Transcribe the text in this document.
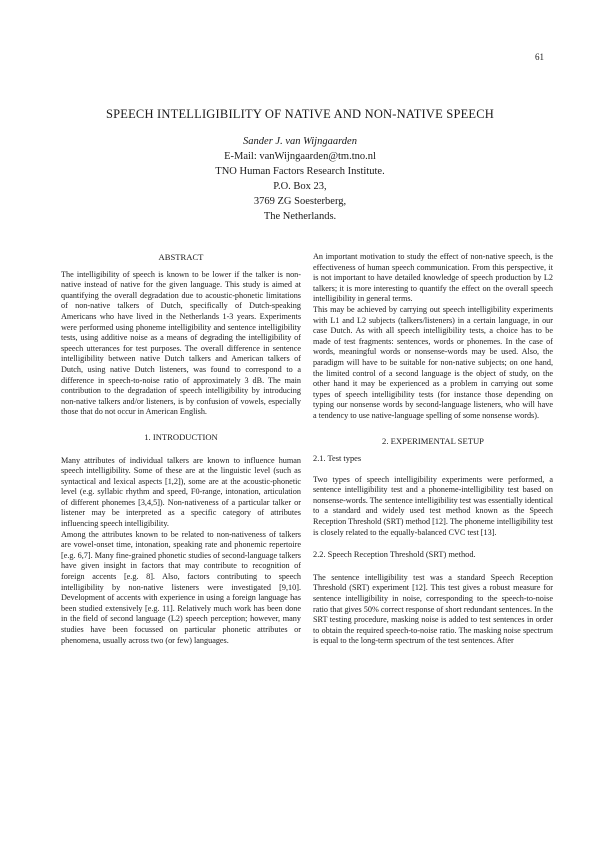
61
SPEECH INTELLIGIBILITY OF NATIVE AND NON-NATIVE SPEECH
Sander J. van Wijngaarden
E-Mail: vanWijngaarden@tm.tno.nl
TNO Human Factors Research Institute.
P.O. Box 23,
3769 ZG Soesterberg,
The Netherlands.
ABSTRACT

The intelligibility of speech is known to be lower if the talker is non-native instead of native for the given language. This study is aimed at quantifying the overall degradation due to acoustic-phonetic limitations of non-native talkers of Dutch, specifically of Dutch-speaking Americans who have lived in the Netherlands 1-3 years. Experiments were performed using phoneme intelligibility and sentence intelligibility tests, using additive noise as a means of degrading the intelligibility of speech utterances for test purposes. The overall difference in sentence intelligibility between native Dutch talkers and American talkers of Dutch, using native Dutch listeners, was found to correspond to a difference in speech-to-noise ratio of approximately 3 dB. The main contribution to the degradation of speech intelligibility by introducing non-native talkers and/or listeners, is by confusion of vowels, especially those that do not occur in American English.

1. INTRODUCTION

Many attributes of individual talkers are known to influence human speech intelligibility. Some of these are at the linguistic level (such as syntactical and lexical aspects [1,2]), some are at the acoustic-phonetic level (e.g. syllabic rhythm and speed, F0-range, intonation, articulation of different phonemes [3,4,5]). Non-nativeness of a particular talker or listener may be interpreted as a specific category of attributes influencing speech intelligibility.

Among the attributes known to be related to non-nativeness of talkers are vowel-onset time, intonation, speaking rate and phonemic repertoire [e.g. 6,7]. Many fine-grained phonetic studies of second-language talkers have given insight in factors that may contribute to recognition of foreign accents [e.g. 8]. Also, factors contributing to speech intelligibility by non-native listeners were investigated [9,10]. Development of accents with experience in using a foreign language has been studied extensively [e.g. 11]. Relatively much work has been done in the field of second language (L2) speech perception; however, many studies have been focussed on particular phonetic attributes or phenomena, usually across two (or few) languages.

An important motivation to study the effect of non-native speech, is the effectiveness of human speech communication. From this perspective, it is not important to have detailed knowledge of speech production by L2 talkers; it is more interesting to quantify the effect on the overall speech intelligibility in general terms.

This may be achieved by carrying out speech intelligibility experiments with L1 and L2 subjects (talkers/listeners) in a certain language, in our case Dutch. As with all speech intelligibility tests, a choice has to be made of test fragments: sentences, words or phonemes. In the case of words, meaningful words or nonsense-words may be used. Also, the paradigm will have to be suitable for non-native subjects; on one hand, the limited control of a second language is the object of study, on the other hand it may be experienced as a problem in carrying out some types of speech intelligibility tests (for instance those depending on typing our nonsense words by second-language listeners, who will have a tendency to use native-language spelling of some nonsense words).

2. EXPERIMENTAL SETUP
2.1. Test types

Two types of speech intelligibility experiments were performed, a sentence intelligibility test and a phoneme-intelligibility test based on nonsense-words. The sentence intelligibility test was essentially identical to a standard and widely used test method known as the Speech Reception Threshold (SRT) method [12]. The phoneme intelligibility test is closely related to the equally-balanced CVC test [13].

2.2. Speech Reception Threshold (SRT) method.

The sentence intelligibility test was a standard Speech Reception Threshold (SRT) experiment [12]. This test gives a robust measure for sentence intelligibility in noise, corresponding to the speech-to-noise ratio that gives 50% correct response of short redundant sentences. In the SRT testing procedure, masking noise is added to test sentences in order to obtain the required speech-to-noise ratio. The masking noise spectrum is equal to the long-term spectrum of the test sentences. After
